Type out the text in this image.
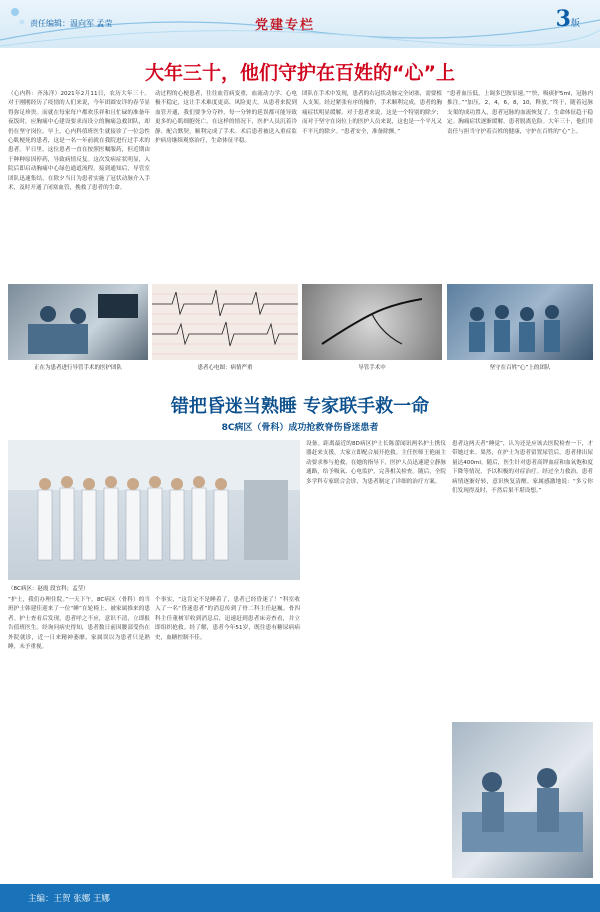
责任编辑：温向军 孟莹	党建专栏	3版
大年三十，他们守护在百姓的“心”上
（心内科：齐泳洋）2021年2月11日，农历大年三十。对于刚刚经历了疫情的人们来说，今年团圆安详的春节显得弥足珍贵。而就在每家每户都欢乐祥和且忙碌的准备年夜饭时，应胸痛中心建设要求而设立的胸痛急救团队，却仍在坚守岗位。早上，心内科值班医生就接诊了一位急性心肌梗死的患者，这是一名一年前就在我院进行过手术的患者。平日里，这位患者一直在按照医嘱服药，但近期由于种种原因停药，导致病情反复。这次发病症状明显，入院后即启动胸痛中心绿色通道流程。接到通知后，导管室团队迅速集结，在除夕当日为患者实施了冠状动脉介入手术，及时开通了闭塞血管，挽救了患者的生命。
动过程的心梗患者，往往血管病变重，血流动力学、心电极不稳定，这让手术难度更高、风险更大。从患者来院到血管开通，我们要争分夺秒，每一分钟的延误都可能导致更多的心肌细胞死亡。在这样的情况下，医护人员沉着冷静、配合默契，顺利完成了手术。术后患者被送入重症监护病房继续观察治疗，生命体征平稳。
团队在手术中发现，患者的右冠状动脉完全闭塞，需要植入支架。经过紧张有序的操作，手术顺利完成，患者的胸痛症状明显缓解。对于患者来说，这是一个特别的除夕；而对于坚守在岗位上的医护人员来说，这也是一个平凡又不平凡的除夕。“患者安全，准备除颤。”
“患者血压低，上调多巴胺泵速。”“快，吸痰护5ml，冠脉内推注。”“加压，2，4，6，8，10，释放。”终于，随着冠脉支架的成功置入，患者冠脉的血流恢复了，生命体征趋于稳定。胸痛症状逐渐缓解，患者脱离危险。大年三十，他们用责任与担当守护着百姓的健康，守护在百姓的“心”上。
正在为患者进行导管手术的医护团队	患者心电图：病情严重	导管手术中	坚守在百姓“心”上的团队
错把昏迷当熟睡 专家联手救一命
8C病区（骨科）成功抢救脊伤昏迷患者
（8C病区：赵霞 段宜科；孟莹）
“护士，我们办理住院。”一天下午，8C病区（骨科）的当班护士韩建佳迎来了一位“睡”在轮椅上、被家属推来的患者。护士查看后发现，患者呼之不应，意识不清，立即报告值班医生。经询问病史得知，患者数日前因腰部受伤在外院就诊，近一日来精神萎靡，家属误以为患者只是熟睡，未予重视。
个事实，“这肯定不是睡着了，患者已经昏迷了！”科室收入了一名“昏迷患者”的消息传到了骨二科主任赵巍。骨四科主任董树军收到消息后，迅速赶到患者床旁查看，并立即组织抢救。经了解，患者今年51岁，既往患有糖尿病病史，血糖控制不佳。
设备。距离最近的8D病区护士长陈蕾闻讯两名护士携仪器赶来支援，大家立即配合展开抢救。主任医师王艳丽主动要求参与抢救，在她的指导下，医护人员迅速建立静脉通路，给予吸氧、心电监护，完善相关检查。随后，全院多学科专家联合会诊，为患者制定了详细的治疗方案。
患者这两天者“睡觉”，认为还是应该去医院检查一下，才带她过来。果然，在护士为患者留置尿管后，患者排出尿量达400ml。随后，医生针对患者高钾血症和血氧饱和度下降等情况，予以积极的对症治疗。经过全力救治，患者病情逐渐好转，意识恢复清醒。家属感激地说：“多亏你们发现得及时，不然后果不堪设想。”
主编：王贺 张娜 王娜
